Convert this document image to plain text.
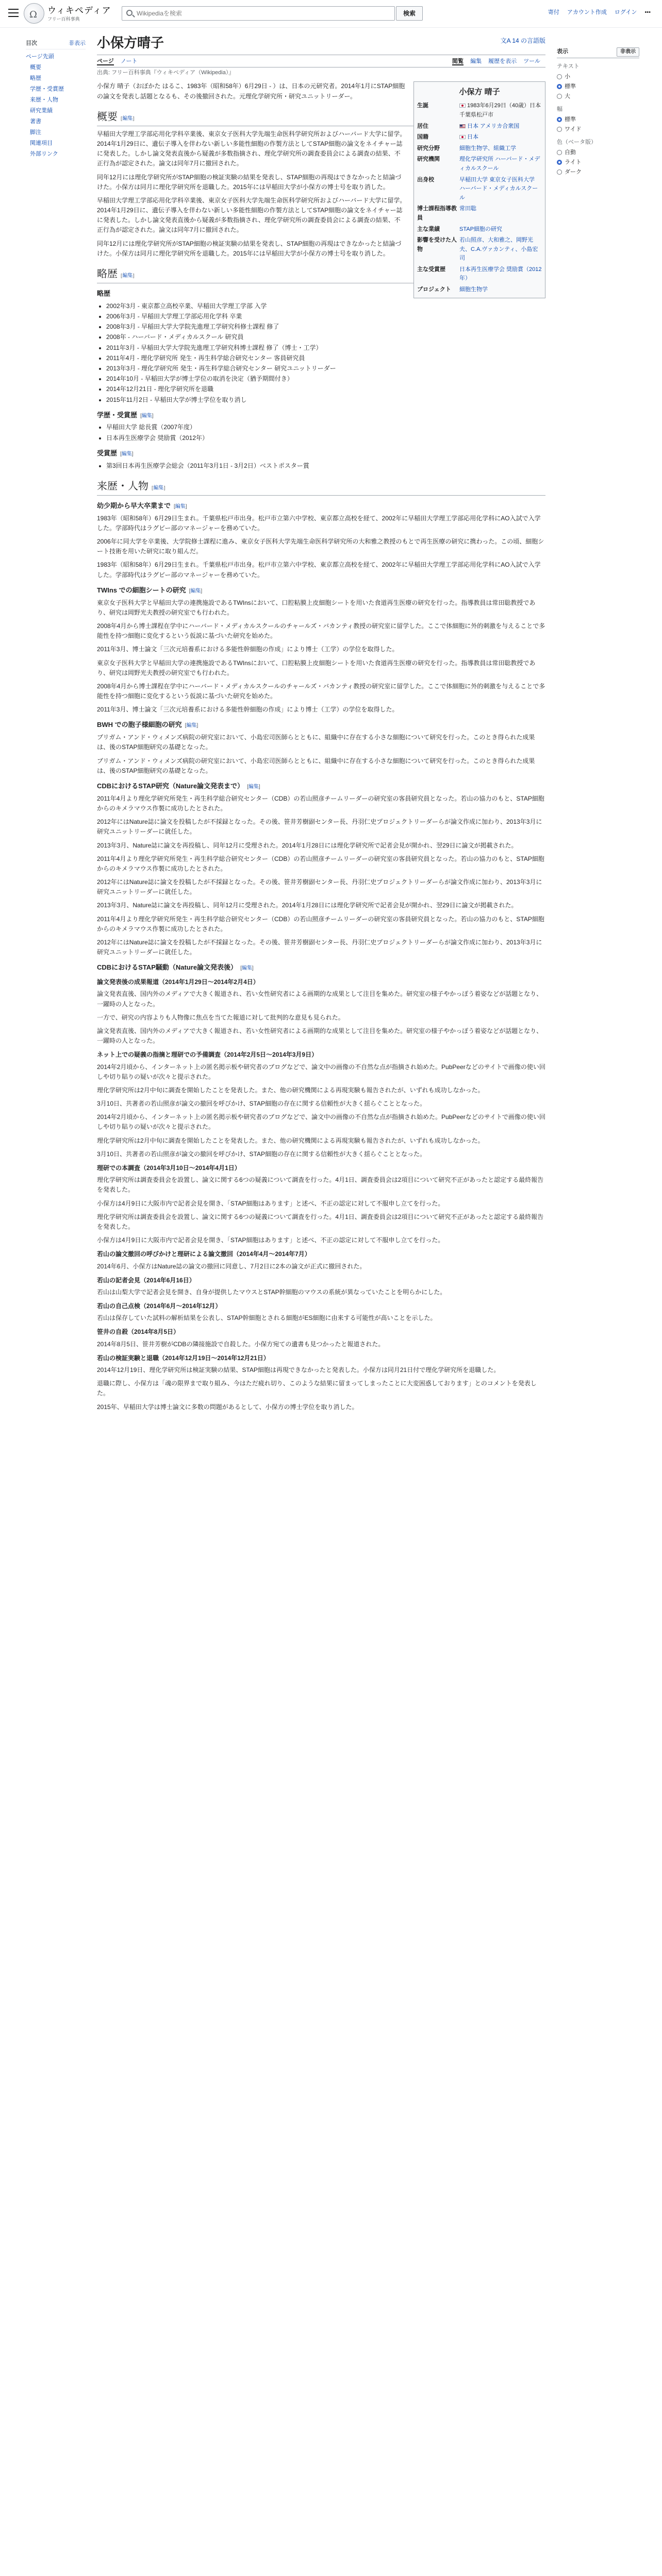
Ω ウィキペディア
フリー百科事典
Wikipediaを検索
検索	寄付 アカウント作成 ログイン •••
目次	非表示
ページ先頭
概要
略歴
学歴・受賞歴
来歴・人物
研究業績
著書
脚注
関連項目
外部リンク
表示	非表示
テキスト
小
標準
大
幅
標準
ワイド
色（ベータ版）
自動
ライト
ダーク
小保方晴子	文A 14 の言語版
ページ ノート	閲覧 編集 履歴を表示 ツール
出典: フリー百科事典『ウィキペディア（Wikipedia）』
小保方 晴子
生誕	1983年6月29日（40歳）日本 千葉県松戸市
居住	日本 アメリカ合衆国
国籍	日本
研究分野	細胞生物学、組織工学
研究機関	理化学研究所 ハーバード・メディカルスクール
出身校	早稲田大学 東京女子医科大学 ハーバード・メディカルスクール
博士課程指導教員	常田聡
主な業績	STAP細胞の研究
影響を受けた人物	若山照彦、大和雅之、岡野光夫、C.A.ヴァカンティ、小島宏司
主な受賞歴	日本再生医療学会 奨励賞（2012年）
プロジェクト	細胞生物学

小保方 晴子（おぼかた はるこ、1983年（昭和58年）6月29日 - ）は、日本の元研究者。2014年1月にSTAP細胞の論文を発表し話題となるも、その後撤回された。元理化学研究所・研究ユニットリーダー。

概要 [編集]

早稲田大学理工学部応用化学科卒業後、東京女子医科大学先端生命医科学研究所およびハーバード大学に留学。2014年1月29日に、遺伝子導入を伴わない新しい多能性細胞の作製方法としてSTAP細胞の論文をネイチャー誌に発表した。しかし論文発表直後から疑義が多数指摘され、理化学研究所の調査委員会による調査の結果、不正行為が認定された。論文は同年7月に撤回された。

同年12月には理化学研究所がSTAP細胞の検証実験の結果を発表し、STAP細胞の再現はできなかったと結論づけた。小保方は同月に理化学研究所を退職した。2015年には早稲田大学が小保方の博士号を取り消した。

早稲田大学理工学部応用化学科卒業後、東京女子医科大学先端生命医科学研究所およびハーバード大学に留学。2014年1月29日に、遺伝子導入を伴わない新しい多能性細胞の作製方法としてSTAP細胞の論文をネイチャー誌に発表した。しかし論文発表直後から疑義が多数指摘され、理化学研究所の調査委員会による調査の結果、不正行為が認定された。論文は同年7月に撤回された。

同年12月には理化学研究所がSTAP細胞の検証実験の結果を発表し、STAP細胞の再現はできなかったと結論づけた。小保方は同月に理化学研究所を退職した。2015年には早稲田大学が小保方の博士号を取り消した。

略歴 [編集]
略歴
• 2002年3月 - 東京都立高校卒業、早稲田大学理工学部 入学
• 2006年3月 - 早稲田大学理工学部応用化学科 卒業
• 2008年3月 - 早稲田大学大学院先進理工学研究科修士課程 修了
• 2008年 - ハーバード・メディカルスクール 研究員
• 2011年3月 - 早稲田大学大学院先進理工学研究科博士課程 修了（博士・工学）
• 2011年4月 - 理化学研究所 発生・再生科学総合研究センター 客員研究員
• 2013年3月 - 理化学研究所 発生・再生科学総合研究センター 研究ユニットリーダー
• 2014年10月 - 早稲田大学が博士学位の取消を決定（猶予期間付き）
• 2014年12月21日 - 理化学研究所を退職
• 2015年11月2日 - 早稲田大学が博士学位を取り消し
学歴・受賞歴 [編集]
• 早稲田大学 総長賞（2007年度）
• 日本再生医療学会 奨励賞（2012年）
受賞歴 [編集]
• 第3回日本再生医療学会総会（2011年3月1日 - 3月2日）ベストポスター賞
来歴・人物 [編集]
幼少期から早大卒業まで [編集]

1983年（昭和58年）6月29日生まれ。千葉県松戸市出身。松戸市立第六中学校、東京都立高校を経て、2002年に早稲田大学理工学部応用化学科にAO入試で入学した。学部時代はラグビー部のマネージャーを務めていた。

2006年に同大学を卒業後、大学院修士課程に進み、東京女子医科大学先端生命医科学研究所の大和雅之教授のもとで再生医療の研究に携わった。この頃、細胞シート技術を用いた研究に取り組んだ。

1983年（昭和58年）6月29日生まれ。千葉県松戸市出身。松戸市立第六中学校、東京都立高校を経て、2002年に早稲田大学理工学部応用化学科にAO入試で入学した。学部時代はラグビー部のマネージャーを務めていた。

TWIns での細胞シートの研究 [編集]

東京女子医科大学と早稲田大学の連携施設であるTWInsにおいて、口腔粘膜上皮細胞シートを用いた食道再生医療の研究を行った。指導教員は常田聡教授であり、研究は岡野光夫教授の研究室でも行われた。

2008年4月から博士課程在学中にハーバード・メディカルスクールのチャールズ・バカンティ教授の研究室に留学した。ここで体細胞に外的刺激を与えることで多能性を持つ細胞に変化するという仮説に基づいた研究を始めた。

2011年3月、博士論文「三次元培養系における多能性幹細胞の作成」により博士（工学）の学位を取得した。

東京女子医科大学と早稲田大学の連携施設であるTWInsにおいて、口腔粘膜上皮細胞シートを用いた食道再生医療の研究を行った。指導教員は常田聡教授であり、研究は岡野光夫教授の研究室でも行われた。

2008年4月から博士課程在学中にハーバード・メディカルスクールのチャールズ・バカンティ教授の研究室に留学した。ここで体細胞に外的刺激を与えることで多能性を持つ細胞に変化するという仮説に基づいた研究を始めた。

2011年3月、博士論文「三次元培養系における多能性幹細胞の作成」により博士（工学）の学位を取得した。

BWH での胞子様細胞の研究 [編集]

ブリガム・アンド・ウィメンズ病院の研究室において、小島宏司医師らとともに、組織中に存在する小さな細胞について研究を行った。このとき得られた成果は、後のSTAP細胞研究の基礎となった。

ブリガム・アンド・ウィメンズ病院の研究室において、小島宏司医師らとともに、組織中に存在する小さな細胞について研究を行った。このとき得られた成果は、後のSTAP細胞研究の基礎となった。

CDBにおけるSTAP研究（Nature論文発表まで） [編集]

2011年4月より理化学研究所発生・再生科学総合研究センター（CDB）の若山照彦チームリーダーの研究室の客員研究員となった。若山の協力のもと、STAP細胞からのキメラマウス作製に成功したとされた。

2012年にはNature誌に論文を投稿したが不採録となった。その後、笹井芳樹副センター長、丹羽仁史プロジェクトリーダーらが論文作成に加わり、2013年3月に研究ユニットリーダーに就任した。

2013年3月、Nature誌に論文を再投稿し、同年12月に受理された。2014年1月28日には理化学研究所で記者会見が開かれ、翌29日に論文が掲載された。

2011年4月より理化学研究所発生・再生科学総合研究センター（CDB）の若山照彦チームリーダーの研究室の客員研究員となった。若山の協力のもと、STAP細胞からのキメラマウス作製に成功したとされた。

2012年にはNature誌に論文を投稿したが不採録となった。その後、笹井芳樹副センター長、丹羽仁史プロジェクトリーダーらが論文作成に加わり、2013年3月に研究ユニットリーダーに就任した。

2013年3月、Nature誌に論文を再投稿し、同年12月に受理された。2014年1月28日には理化学研究所で記者会見が開かれ、翌29日に論文が掲載された。

2011年4月より理化学研究所発生・再生科学総合研究センター（CDB）の若山照彦チームリーダーの研究室の客員研究員となった。若山の協力のもと、STAP細胞からのキメラマウス作製に成功したとされた。

2012年にはNature誌に論文を投稿したが不採録となった。その後、笹井芳樹副センター長、丹羽仁史プロジェクトリーダーらが論文作成に加わり、2013年3月に研究ユニットリーダーに就任した。

CDBにおけるSTAP騒動（Nature論文発表後） [編集]
論文発表後の成果報道（2014年1月29日〜2014年2月4日）

論文発表直後、国内外のメディアで大きく報道され、若い女性研究者による画期的な成果として注目を集めた。研究室の様子やかっぽう着姿などが話題となり、一躍時の人となった。

一方で、研究の内容よりも人物像に焦点を当てた報道に対して批判的な意見も見られた。

論文発表直後、国内外のメディアで大きく報道され、若い女性研究者による画期的な成果として注目を集めた。研究室の様子やかっぽう着姿などが話題となり、一躍時の人となった。

ネット上での疑義の指摘と理研での予備調査（2014年2月5日〜2014年3月9日）

2014年2月頃から、インターネット上の匿名掲示板や研究者のブログなどで、論文中の画像の不自然な点が指摘され始めた。PubPeerなどのサイトで画像の使い回しや切り貼りの疑いが次々と提示された。

理化学研究所は2月中旬に調査を開始したことを発表した。また、他の研究機関による再現実験も報告されたが、いずれも成功しなかった。

3月10日、共著者の若山照彦が論文の撤回を呼びかけ、STAP細胞の存在に関する信頼性が大きく揺らぐこととなった。

2014年2月頃から、インターネット上の匿名掲示板や研究者のブログなどで、論文中の画像の不自然な点が指摘され始めた。PubPeerなどのサイトで画像の使い回しや切り貼りの疑いが次々と提示された。

理化学研究所は2月中旬に調査を開始したことを発表した。また、他の研究機関による再現実験も報告されたが、いずれも成功しなかった。

3月10日、共著者の若山照彦が論文の撤回を呼びかけ、STAP細胞の存在に関する信頼性が大きく揺らぐこととなった。

理研での本調査（2014年3月10日〜2014年4月1日）

理化学研究所は調査委員会を設置し、論文に関する6つの疑義について調査を行った。4月1日、調査委員会は2項目について研究不正があったと認定する最終報告を発表した。

小保方は4月9日に大阪市内で記者会見を開き、「STAP細胞はあります」と述べ、不正の認定に対して不服申し立てを行った。

理化学研究所は調査委員会を設置し、論文に関する6つの疑義について調査を行った。4月1日、調査委員会は2項目について研究不正があったと認定する最終報告を発表した。

小保方は4月9日に大阪市内で記者会見を開き、「STAP細胞はあります」と述べ、不正の認定に対して不服申し立てを行った。

若山の論文撤回の呼びかけと理研による論文撤回（2014年4月〜2014年7月）

2014年6月、小保方はNature誌の論文の撤回に同意し、7月2日に2本の論文が正式に撤回された。

若山の記者会見（2014年6月16日）

若山は山梨大学で記者会見を開き、自身が提供したマウスとSTAP幹細胞のマウスの系統が異なっていたことを明らかにした。

若山の自己点検（2014年6月〜2014年12月）

若山は保存していた試料の解析結果を公表し、STAP幹細胞とされる細胞がES細胞に由来する可能性が高いことを示した。

笹井の自殺（2014年8月5日）

2014年8月5日、笹井芳樹がCDBの隣接施設で自殺した。小保方宛ての遺書も見つかったと報道された。

若山の検証実験と退職（2014年12月19日〜2014年12月21日）

2014年12月19日、理化学研究所は検証実験の結果、STAP細胞は再現できなかったと発表した。小保方は同月21日付で理化学研究所を退職した。

退職に際し、小保方は「魂の限界まで取り組み、今はただ疲れ切り、このような結果に留まってしまったことに大変困惑しております」とのコメントを発表した。

2015年、早稲田大学は博士論文に多数の問題があるとして、小保方の博士学位を取り消した。
